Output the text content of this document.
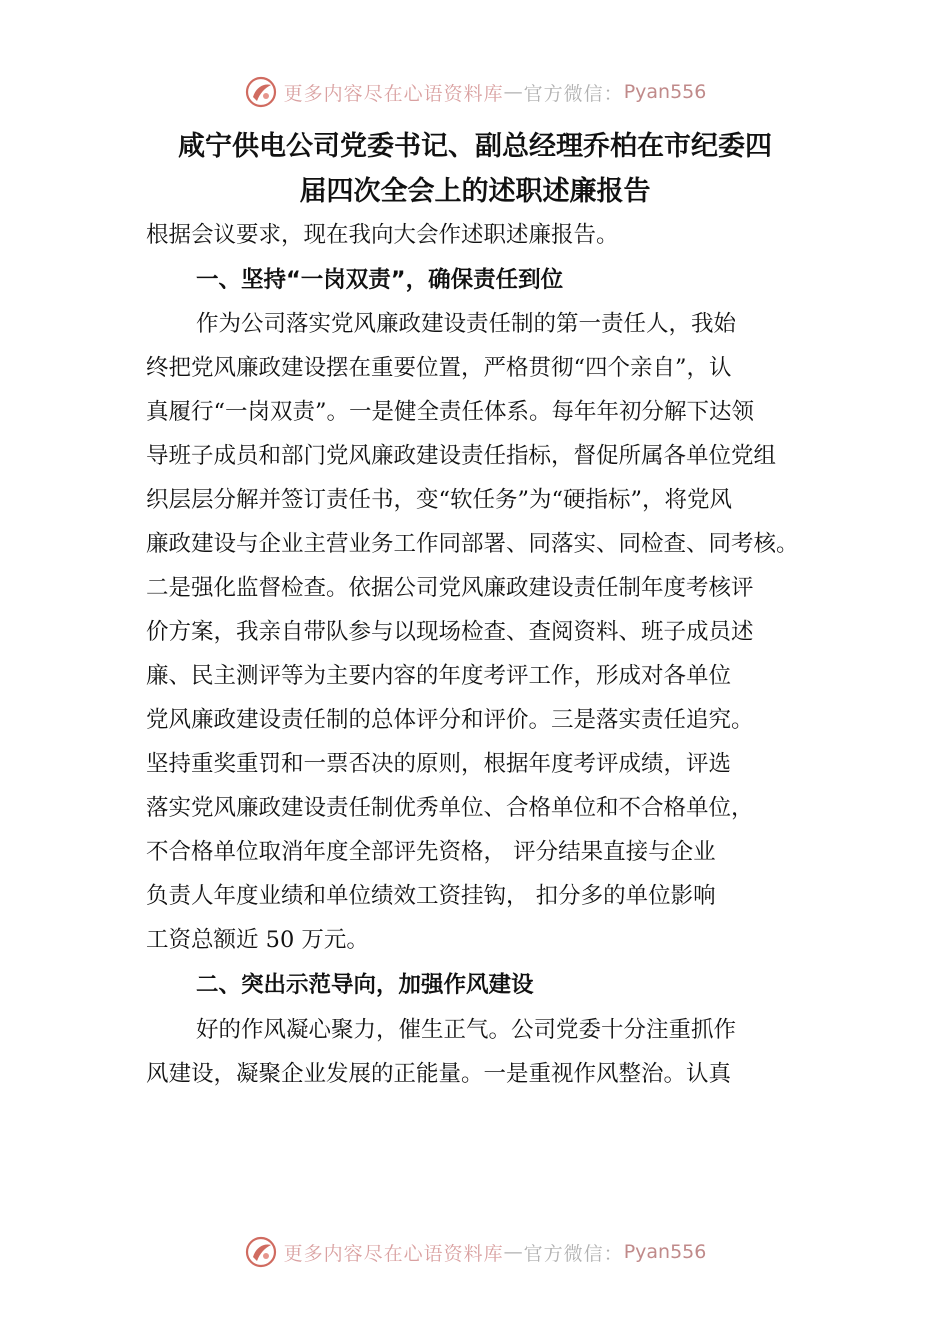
更多内容尽在心语资料库 — 官方微信： Pyan556
咸宁供电公司党委书记、副总经理乔柏在市纪委四
届四次全会上的述职述廉报告
根据会议要求，现在我向大会作述职述廉报告。
一、坚持“一岗双责”，确保责任到位
作为公司落实党风廉政建设责任制的第一责任人，我始
终把党风廉政建设摆在重要位置，严格贯彻“四个亲自”，认
真履行“一岗双责”。一是健全责任体系。每年年初分解下达领
导班子成员和部门党风廉政建设责任指标，督促所属各单位党组
织层层分解并签订责任书，变“软任务”为“硬指标”，将党风
廉政建设与企业主营业务工作同部署、同落实、同检查、同考核。
二是强化监督检查。依据公司党风廉政建设责任制年度考核评
价方案，我亲自带队参与以现场检查、查阅资料、班子成员述
廉、民主测评等为主要内容的年度考评工作，形成对各单位
党风廉政建设责任制的总体评分和评价。三是落实责任追究。
坚持重奖重罚和一票否决的原则，根据年度考评成绩，评选
落实党风廉政建设责任制优秀单位、合格单位和不合格单位，
不合格单位取消年度全部评先资格， 评分结果直接与企业
负责人年度业绩和单位绩效工资挂钩， 扣分多的单位影响
工资总额近 50 万元。
二、突出示范导向，加强作风建设
好的作风凝心聚力，催生正气。公司党委十分注重抓作
风建设，凝聚企业发展的正能量。一是重视作风整治。认真
更多内容尽在心语资料库 — 官方微信： Pyan556
